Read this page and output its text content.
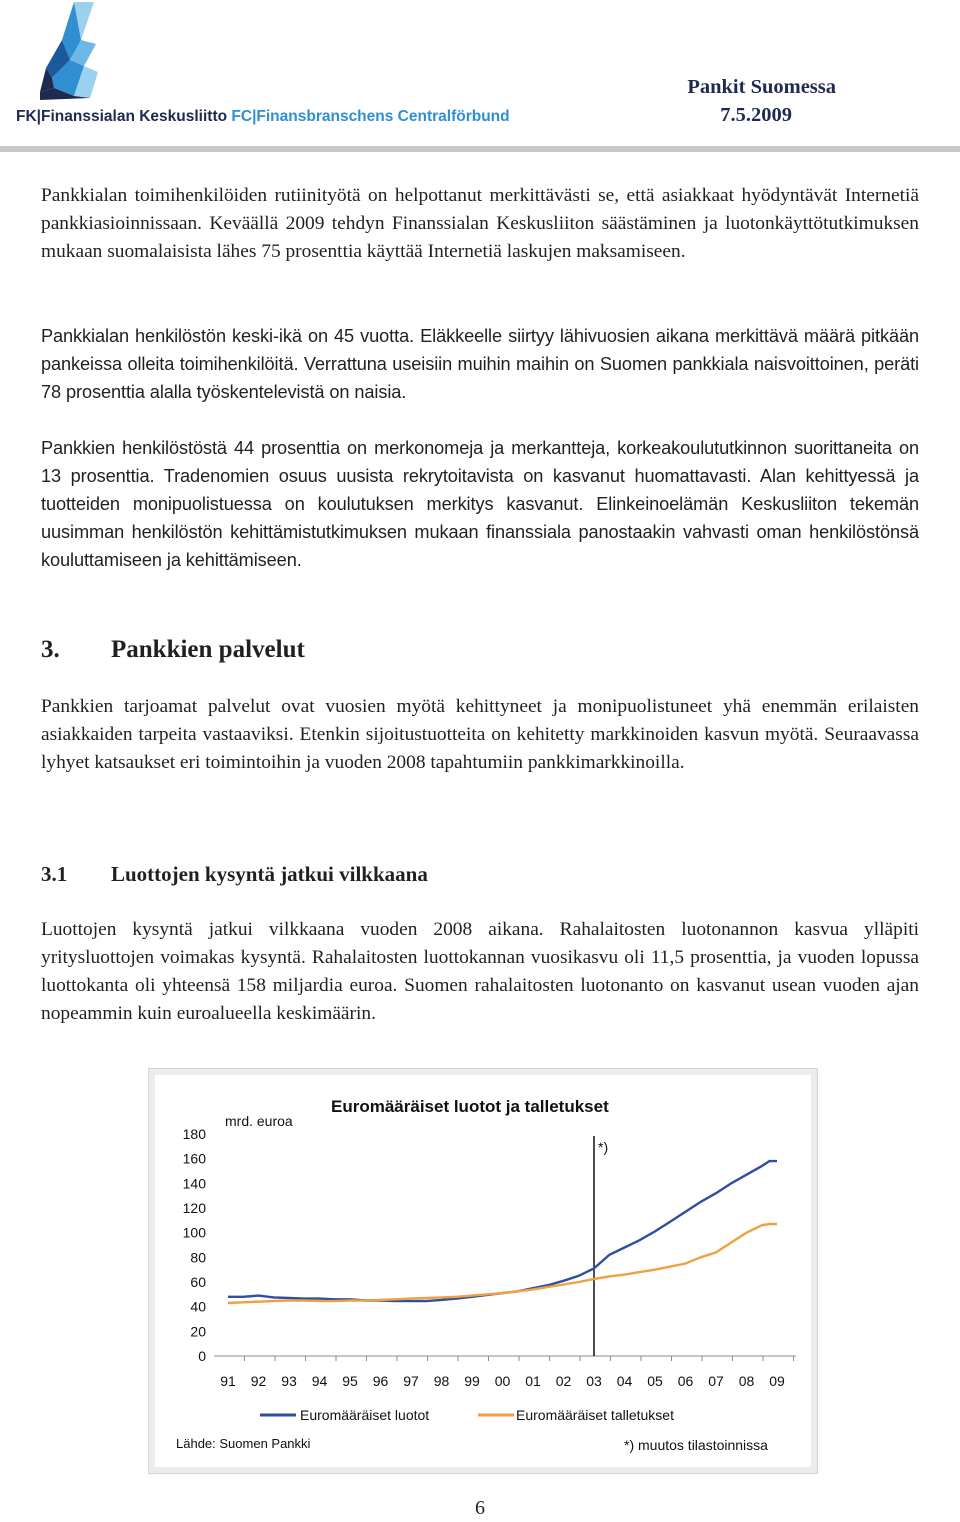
FK|Finanssialan Keskusliitto FC|Finansbranschens Centralförbund
Pankit Suomessa
7.5.2009

Pankkialan toimihenkilöiden rutiinityötä on helpottanut merkittävästi se, että asiakkaat hyödyntävät Internetiä pankkiasioinnissaan. Keväällä 2009 tehdyn Finanssialan Keskusliiton säästäminen ja luotonkäyttötutkimuksen mukaan suomalaisista lähes 75 prosenttia käyttää Internetiä laskujen maksamiseen.

Pankkialan henkilöstön keski-ikä on 45 vuotta. Eläkkeelle siirtyy lähivuosien aikana merkittävä määrä pitkään pankeissa olleita toimihenkilöitä. Verrattuna useisiin muihin maihin on Suomen pankkiala naisvoittoinen, peräti 78 prosenttia alalla työskentelevistä on naisia.

Pankkien henkilöstöstä 44 prosenttia on merkonomeja ja merkantteja, korkeakoulututkinnon suorittaneita on 13 prosenttia. Tradenomien osuus uusista rekrytoitavista on kasvanut huomattavasti. Alan kehittyessä ja tuotteiden monipuolistuessa on koulutuksen merkitys kasvanut. Elinkeinoelämän Keskusliiton tekemän uusimman henkilöstön kehittämistutkimuksen mukaan finanssiala panostaakin vahvasti oman henkilöstönsä kouluttamiseen ja kehittämiseen.

3. Pankkien palvelut

Pankkien tarjoamat palvelut ovat vuosien myötä kehittyneet ja monipuolistuneet yhä enemmän erilaisten asiakkaiden tarpeita vastaaviksi. Etenkin sijoitustuotteita on kehitetty markkinoiden kasvun myötä. Seuraavassa lyhyet katsaukset eri toimintoihin ja vuoden 2008 tapahtumiin pankkimarkkinoilla.

3.1 Luottojen kysyntä jatkui vilkkaana

Luottojen kysyntä jatkui vilkkaana vuoden 2008 aikana. Rahalaitosten luotonannon kasvua ylläpiti yritysluottojen voimakas kysyntä. Rahalaitosten luottokannan vuosikasvu oli 11,5 prosenttia, ja vuoden lopussa luottokanta oli yhteensä 158 miljardia euroa. Suomen rahalaitosten luotonanto on kasvanut usean vuoden ajan nopeammin kuin euroalueella keskimäärin.

Euromääräiset luotot ja talletukset
mrd. euroa
0
20
40
60
80
100
120
140
160
180
91 92 93 94 95 96 97 98 99 00 01 02 03 04 05 06 07 08 09
*)
Euromääräiset luotot	Euromääräiset talletukset
Lähde: Suomen Pankki	*) muutos tilastoinnissa
6
